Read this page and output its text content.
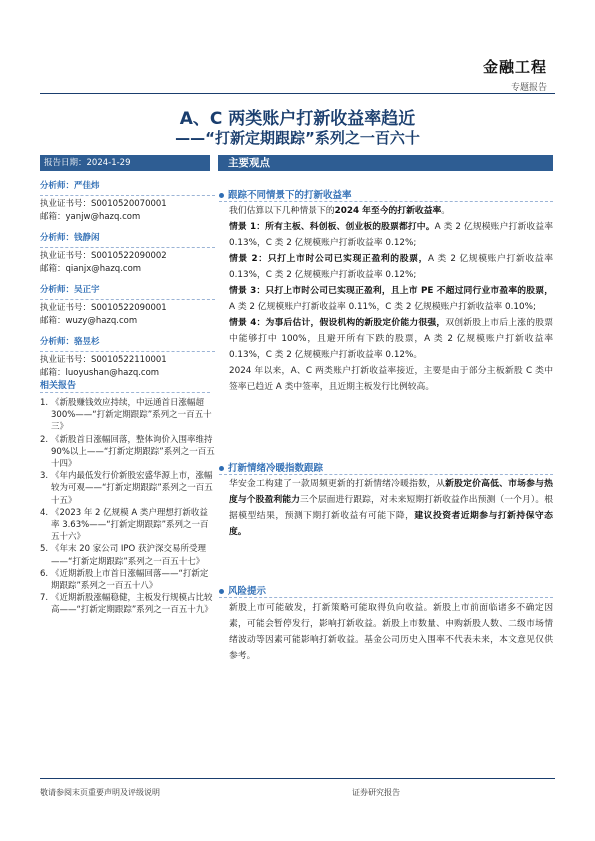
金融工程
专题报告
A、C 两类账户打新收益率趋近
——“打新定期跟踪”系列之一百六十
报告日期：2024-1-29	主要观点
分析师：严佳炜
执业证书号：S0010520070001
邮箱：yanjw@hazq.com
分析师：钱静闲
执业证书号：S0010522090002
邮箱：qianjx@hazq.com
分析师：吴正宇
执业证书号：S0010522090001
邮箱：wuzy@hazq.com
分析师：骆昱杉
执业证书号：S0010522110001
邮箱：luoyushan@hazq.com
相关报告
1. 《新股赚钱效应持续，中远通首日涨幅超 300%——“打新定期跟踪”系列之一百五十三》
2. 《新股首日涨幅回落，整体询价入围率维持 90%以上——“打新定期跟踪”系列之一百五十四》
3. 《年内最低发行价新股宏盛华源上市，涨幅较为可观——“打新定期跟踪”系列之一百五十五》
4. 《2023 年 2 亿规模 A 类户理想打新收益率 3.63%——“打新定期跟踪”系列之一百五十六》
5. 《年末 20 家公司 IPO 获沪深交易所受理——“打新定期跟踪”系列之一百五十七》
6. 《近期新股上市首日涨幅回落——“打新定期跟踪”系列之一百五十八》
7. 《近期新股涨幅稳健，主板发行规模占比较高——“打新定期跟踪”系列之一百五十九》
跟踪不同情景下的打新收益率
我们估算以下几种情景下的2024 年至今的打新收益率。
情景 1：所有主板、科创板、创业板的股票都打中。A 类 2 亿规模账户打新收益率 0.13%，C 类 2 亿规模账户打新收益率 0.12%;
情景 2：只打上市时公司已实现正盈利的股票，A 类 2 亿规模账户打新收益率 0.13%，C 类 2 亿规模账户打新收益率 0.12%;
情景 3：只打上市时公司已实现正盈利，且上市 PE 不超过同行业市盈率的股票，A 类 2 亿规模账户打新收益率 0.11%，C 类 2 亿规模账户打新收益率 0.10%;
情景 4：为事后估计，假设机构的新股定价能力很强，双创新股上市后上涨的股票中能够打中 100%，且避开所有下跌的股票，A 类 2 亿规模账户打新收益率 0.13%，C 类 2 亿规模账户打新收益率 0.12%。
2024 年以来，A、C 两类账户打新收益率接近，主要是由于部分主板新股 C 类中签率已趋近 A 类中签率，且近期主板发行比例较高。
打新情绪冷暖指数跟踪
华安金工构建了一款周频更新的打新情绪冷暖指数，从新股定价高低、市场参与热度与个股盈利能力三个层面进行跟踪，对未来短期打新收益作出预测（一个月）。根据模型结果，预测下期打新收益有可能下降，建议投资者近期参与打新持保守态度。
风险提示
新股上市可能破发，打新策略可能取得负向收益。新股上市前面临诸多不确定因素，可能会暂停发行，影响打新收益。新股上市数量、申购新股人数、二级市场情绪波动等因素可能影响打新收益。基金公司历史入围率不代表未来，本文意见仅供参考。
敬请参阅末页重要声明及评级说明	证券研究报告
